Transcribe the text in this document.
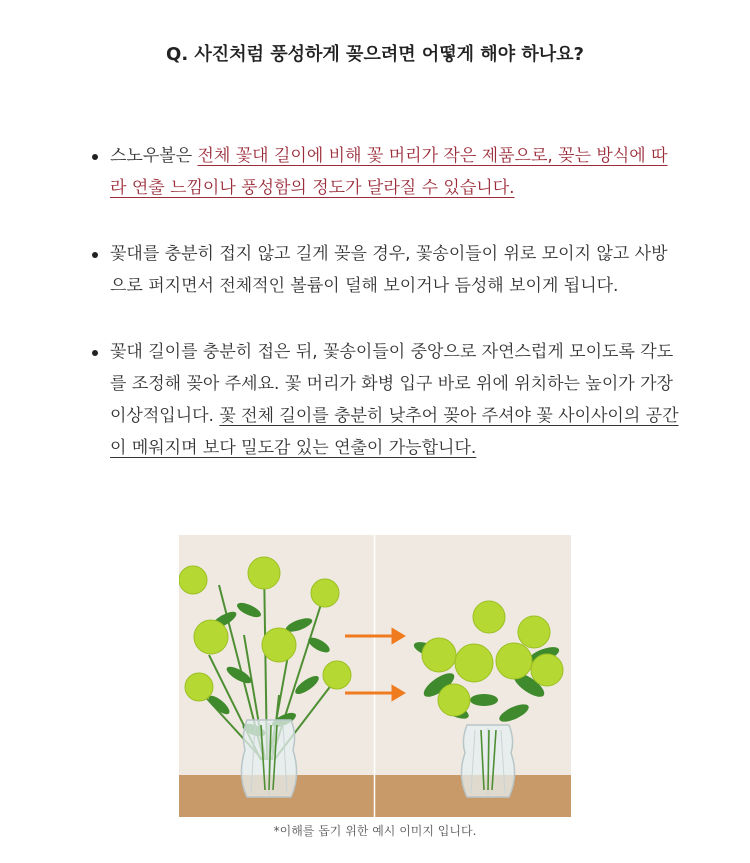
Q. 사진처럼 풍성하게 꽂으려면 어떻게 해야 하나요?
스노우볼은 전체 꽃대 길이에 비해 꽃 머리가 작은 제품으로, 꽂는 방식에 따라 연출 느낌이나 풍성함의 정도가 달라질 수 있습니다.
꽃대를 충분히 접지 않고 길게 꽂을 경우, 꽃송이들이 위로 모이지 않고 사방으로 퍼지면서 전체적인 볼륨이 덜해 보이거나 듬성해 보이게 됩니다.
꽃대 길이를 충분히 접은 뒤, 꽃송이들이 중앙으로 자연스럽게 모이도록 각도를 조정해 꽂아 주세요. 꽃 머리가 화병 입구 바로 위에 위치하는 높이가 가장 이상적입니다. 꽃 전체 길이를 충분히 낮추어 꽂아 주셔야 꽃 사이사이의 공간이 메워지며 보다 밀도감 있는 연출이 가능합니다.
*이해를 돕기 위한 예시 이미지 입니다.
